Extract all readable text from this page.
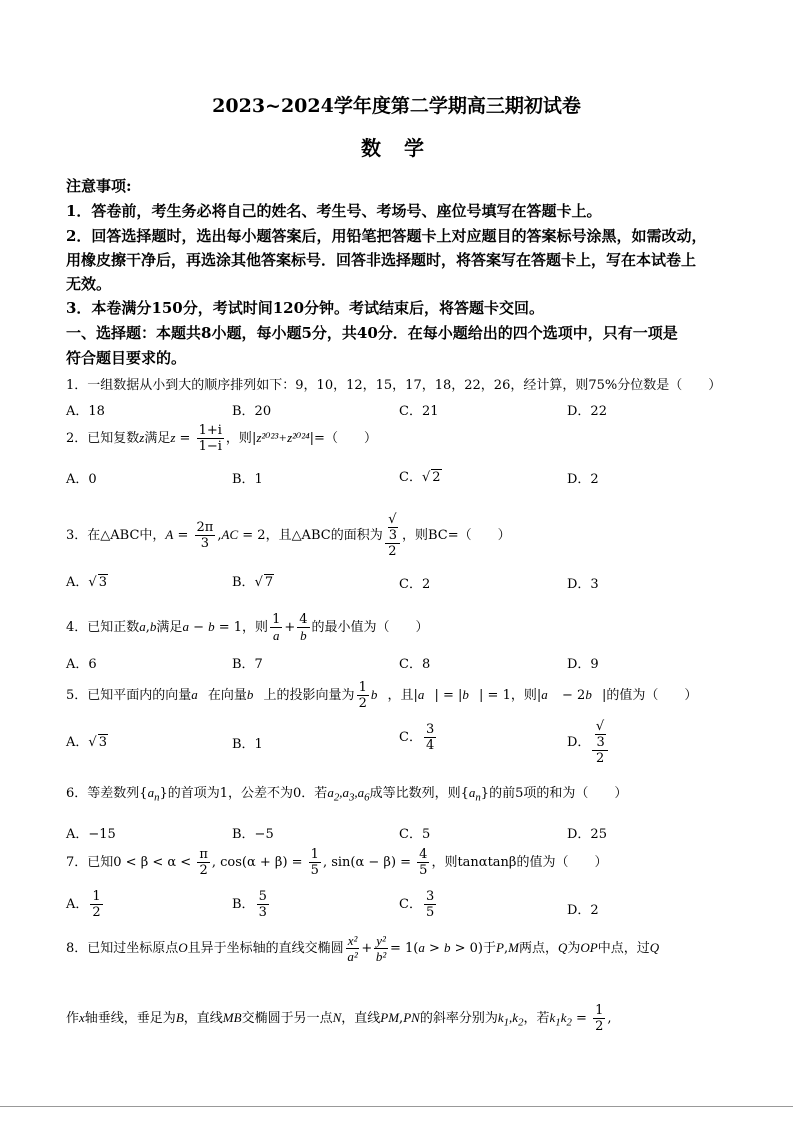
2023~2024学年度第二学期高三期初试卷
数 学
注意事项:
1．答卷前，考生务必将自己的姓名、考生号、考场号、座位号填写在答题卡上。
2．回答选择题时，选出每小题答案后，用铅笔把答题卡上对应题目的答案标号涂黑，如需改动，
用橡皮擦干净后，再选涂其他答案标号．回答非选择题时，将答案写在答题卡上，写在本试卷上
无效。
3．本卷满分150分，考试时间120分钟。考试结束后，将答题卡交回。
一、选择题：本题共8小题，每小题5分，共40分．在每小题给出的四个选项中，只有一项是
符合题目要求的。
1．一组数据从小到大的顺序排列如下：9，10，12，15，17，18，22，26，经计算，则75%分位数是（　　）
A．18	B．20	C．21	D．22
2．已知复数z满足$z = \frac{1+i}{1-i}$ ，则|z²⁰²³+z²⁰²⁴|=（　　）
A．0	B．1	C．√ 2	D．2
3．在△ABC中，$A = \frac{2\pi}{3} ,AC = 2$，且△ABC的面积为 √
3
2 ，则BC=（　　）
A．√ 3	B．√ 7	C．2	D．3
4．已知正数a,b满足a − b = 1，则 $\frac{1}{a} + \frac{4}{b}$ 的最小值为（　　）
A．6	B．7	C．8	D．9
5．已知平面内的向量a⃗在向量b⃗上的投影向量为 $\frac{1}{2}$ b⃗，且|a⃗| = |b⃗| = 1，则|a⃗ − 2b⃗|的值为（　　）
A．√ 3	B．1	C． $\frac{3}{4}$	D． √
3
2
6．等差数列$\{a_n\}$的首项为1，公差不为0．若$a_2,a_3,a_6$成等比数列，则$\{a_n\}$的前5项的和为（　　）
A．−15	B．−5	C．5	D．25
7．已知$0 < \beta < \alpha < \frac{\pi}{2}$ , $\cos(\alpha + \beta) = \frac{1}{5}$ , $\sin(\alpha - \beta) = \frac{4}{5}$ ，则tanαtanβ的值为（　　）
A． $\frac{1}{2}$	B． $\frac{5}{3}$	C． $\frac{3}{5}$	D．2
8．已知过坐标原点O且异于坐标轴的直线交椭圆 $\frac{\text{x²}}{\text{a²}} + \frac{\text{y²}}{\text{b²}} = 1(a > b > 0)$于P,M两点，Q为OP中点，过Q
作x轴垂线，垂足为B，直线MB交椭圆于另一点N，直线PM,PN的斜率分别为$k_1,k_2$，若$k_1k_2 = \frac{1}{2}$ ,
